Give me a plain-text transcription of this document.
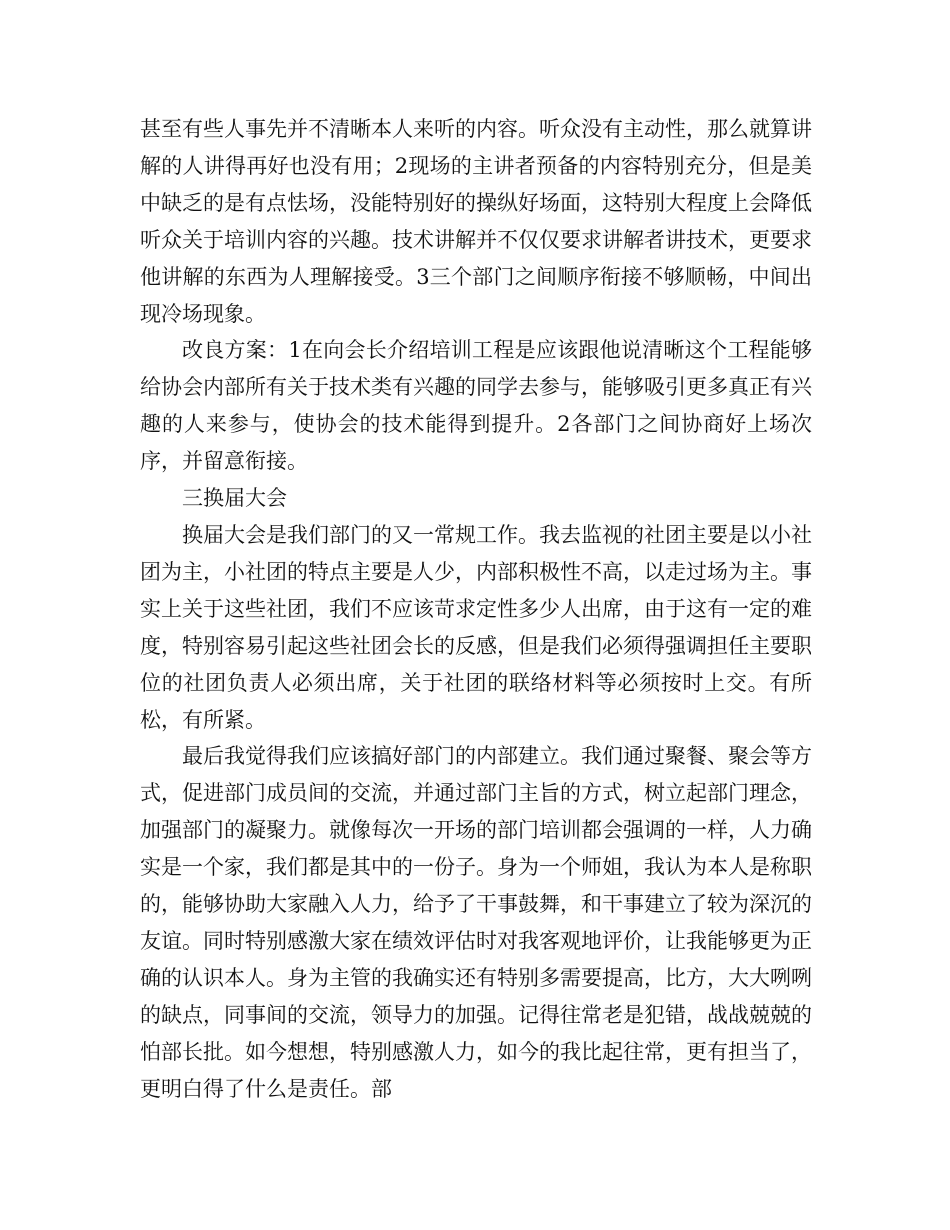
甚至有些人事先并不清晰本人来听的内容。听众没有主动性，那么就算讲解的人讲得再好也没有用；2现场的主讲者预备的内容特别充分，但是美中缺乏的是有点怯场，没能特别好的操纵好场面，这特别大程度上会降低听众关于培训内容的兴趣。技术讲解并不仅仅要求讲解者讲技术，更要求他讲解的东西为人理解接受。3三个部门之间顺序衔接不够顺畅，中间出现冷场现象。

改良方案：1在向会长介绍培训工程是应该跟他说清晰这个工程能够给协会内部所有关于技术类有兴趣的同学去参与，能够吸引更多真正有兴趣的人来参与，使协会的技术能得到提升。2各部门之间协商好上场次序，并留意衔接。

三换届大会

换届大会是我们部门的又一常规工作。我去监视的社团主要是以小社团为主，小社团的特点主要是人少，内部积极性不高，以走过场为主。事实上关于这些社团，我们不应该苛求定性多少人出席，由于这有一定的难度，特别容易引起这些社团会长的反感，但是我们必须得强调担任主要职位的社团负责人必须出席，关于社团的联络材料等必须按时上交。有所松，有所紧。

最后我觉得我们应该搞好部门的内部建立。我们通过聚餐、聚会等方式，促进部门成员间的交流，并通过部门主旨的方式，树立起部门理念，加强部门的凝聚力。就像每次一开场的部门培训都会强调的一样，人力确实是一个家，我们都是其中的一份子。身为一个师姐，我认为本人是称职的，能够协助大家融入人力，给予了干事鼓舞，和干事建立了较为深沉的友谊。同时特别感激大家在绩效评估时对我客观地评价，让我能够更为正确的认识本人。身为主管的我确实还有特别多需要提高，比方，大大咧咧的缺点，同事间的交流，领导力的加强。记得往常老是犯错，战战兢兢的怕部长批。如今想想，特别感激人力，如今的我比起往常，更有担当了，更明白得了什么是责任。部
